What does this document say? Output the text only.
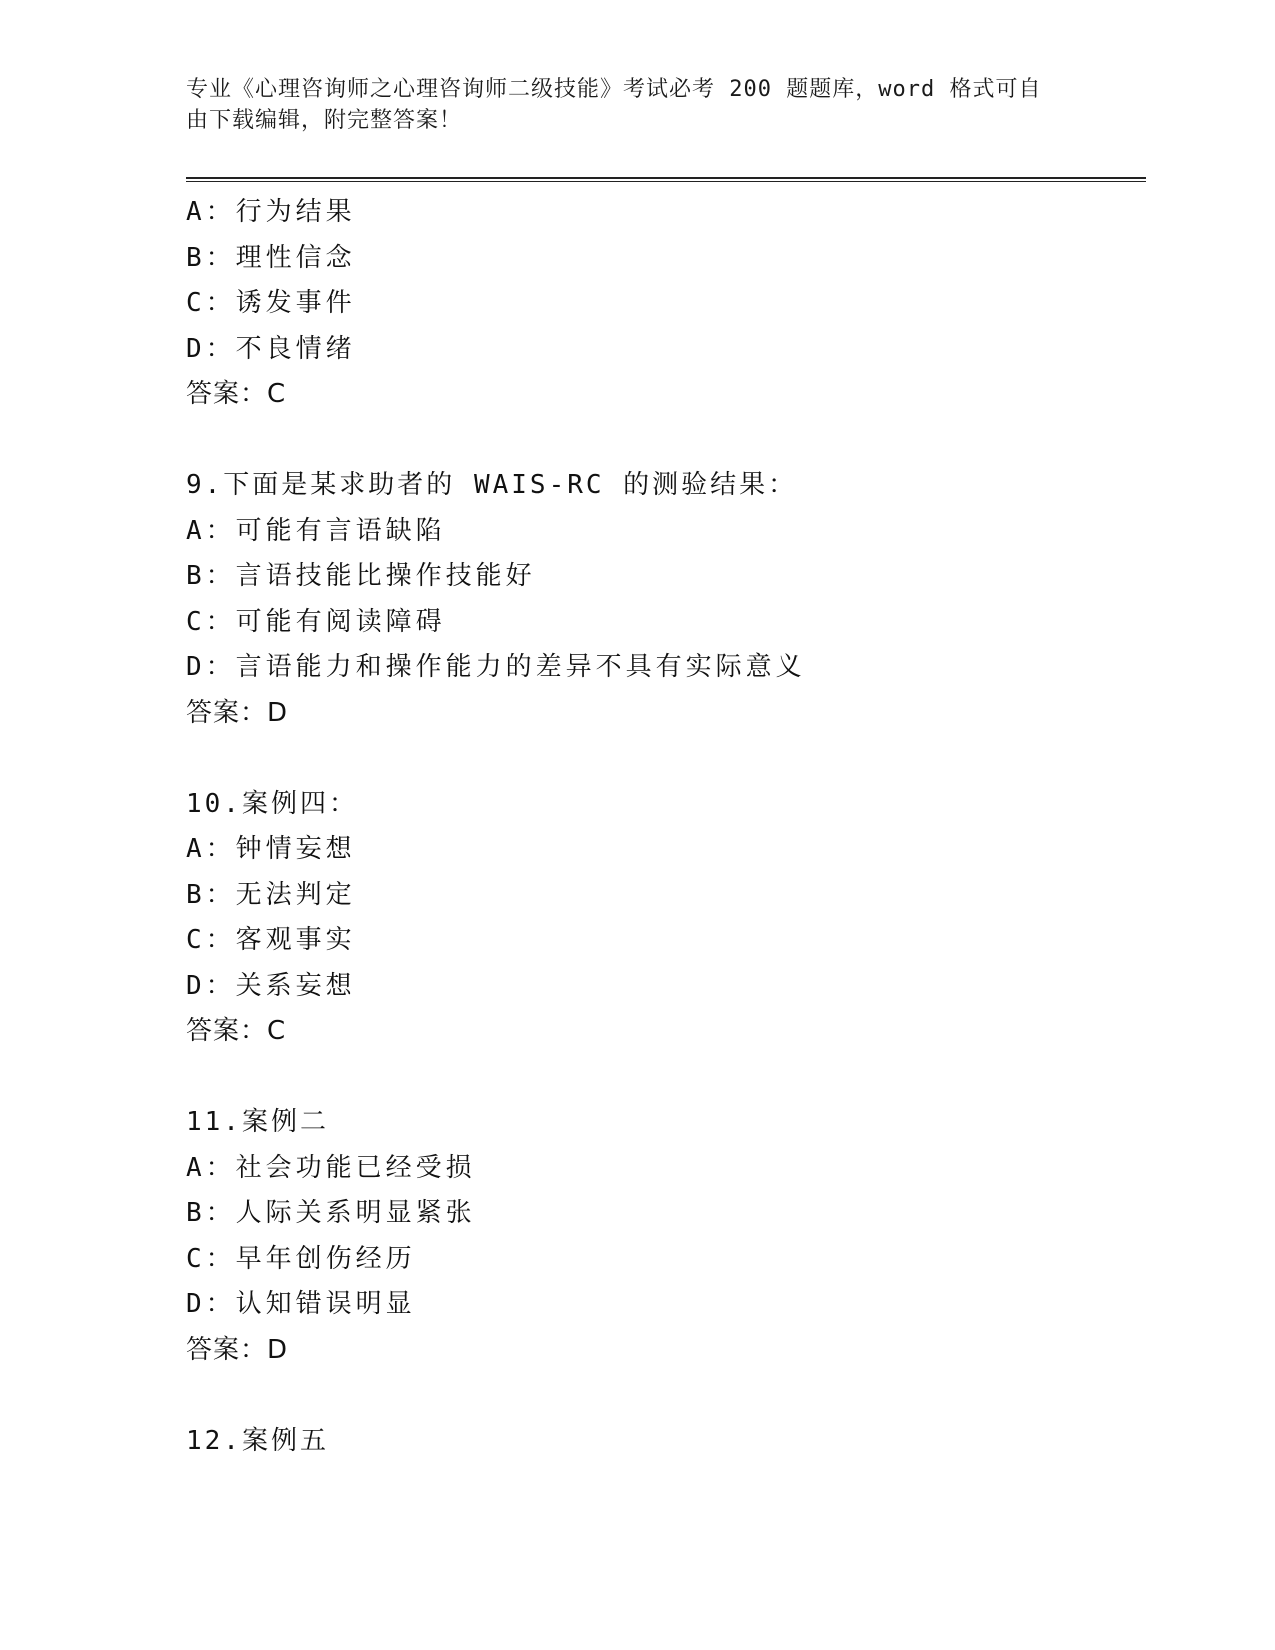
专业《心理咨询师之心理咨询师二级技能》考试必考 200 题题库，word 格式可自
由下载编辑，附完整答案！
A：行为结果
B：理性信念
C：诱发事件
D：不良情绪
答案：C
9.下面是某求助者的 WAIS-RC 的测验结果：
A：可能有言语缺陷
B：言语技能比操作技能好
C：可能有阅读障碍
D：言语能力和操作能力的差异不具有实际意义
答案：D
10.案例四：
A：钟情妄想
B：无法判定
C：客观事实
D：关系妄想
答案：C
11.案例二
A：社会功能已经受损
B：人际关系明显紧张
C：早年创伤经历
D：认知错误明显
答案：D
12.案例五
